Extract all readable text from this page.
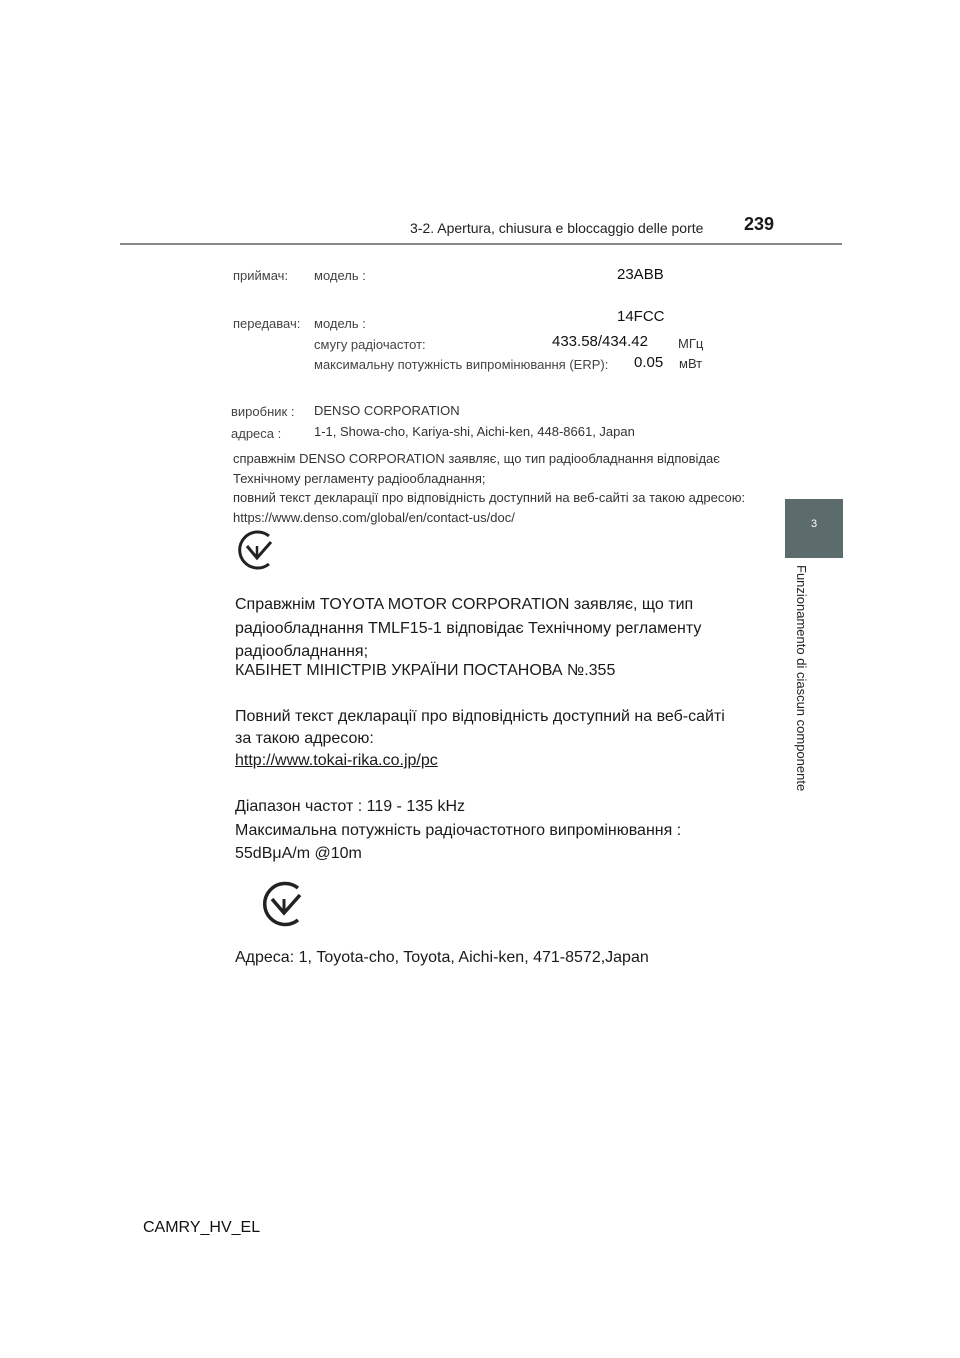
3-2. Apertura, chiusura e bloccaggio delle porte 239
3
Funzionamento di ciascun componente
приймач: модель :	23ABB
передавач: модель :	14FCC
смугу радіочастот:	433.58/434.42 МГц
максимальну потужність випромінювання (ERP): 0.05 мВт
виробник : DENSO CORPORATION
адреса :	1-1, Showa-cho, Kariya-shi, Aichi-ken, 448-8661, Japan
справжнім DENSO CORPORATION заявляє, що тип радіообладнання відповідає
Технічному регламенту радіообладнання;
повний текст декларації про відповідність доступний на веб-сайті за такою адресою:
https://www.denso.com/global/en/contact-us/doc/
Справжнім TOYOTA MOTOR CORPORATION заявляє, що тип
радіообладнання TMLF15-1 відповідає Технічному регламенту
радіообладнання;
КАБІНЕТ МІНІСТРІВ УКРАЇНИ ПОСТАНОВА №.355
Повний текст декларації про відповідність доступний на веб-сайті
за такою адресою:
http://www.tokai-rika.co.jp/pc
Діапазон частот : 119 - 135 kHz
Максимальна потужність радіочастотного випромінювання :
55dBμA/m @10m
Адреса: 1, Toyota-cho, Toyota, Aichi-ken, 471-8572,Japan
CAMRY_HV_EL
